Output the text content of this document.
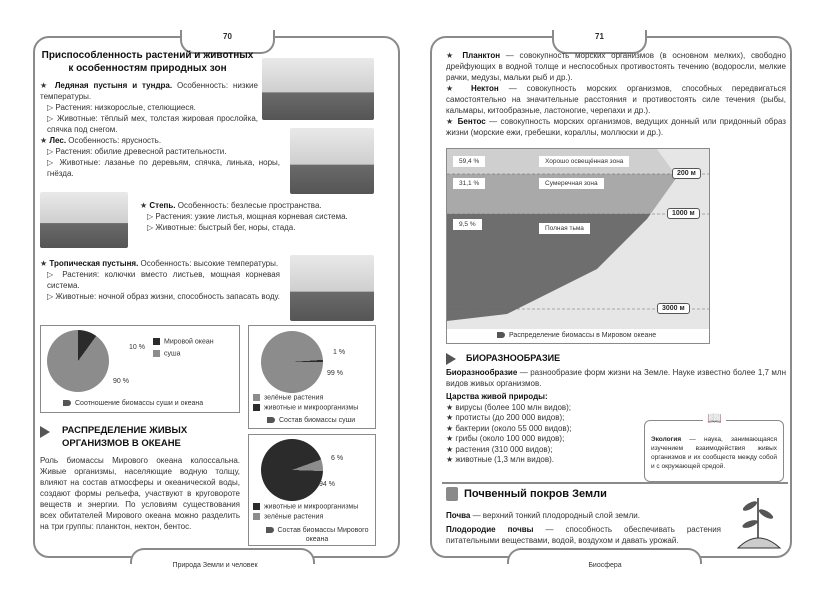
70
Природа Земли и человек
Приспособленность растений и животных к особенностям природных зон
★ Ледяная пустыня и тундра. Особенность: низкие температуры.
▷ Растения: низкорослые, стелющиеся.
▷ Животные: тёплый мех, толстая жировая прослойка, спячка под снегом.
★ Лес. Особенность: ярусность.
▷ Растения: обилие древесной растительности.
▷ Животные: лазанье по деревьям, спячка, линька, норы, гнёзда.
★ Степь. Особенность: безлесые пространства.
▷ Растения: узкие листья, мощная корневая система.
▷ Животные: быстрый бег, норы, стада.
★ Тропическая пустыня. Особенность: высокие температуры.
▷ Растения: колючки вместо листьев, мощная корневая система.
▷ Животные: ночной образ жизни, способность запасать воду.
10 %
90 %
Мировой океан
суша
Соотношение биомассы суши и океана
1 %
99 %
зелёные растения
животные и микроорганизмы
Состав биомассы суши
6 %
94 %
животные и микроорганизмы
зелёные растения
Состав биомассы Мирового океана
РАСПРЕДЕЛЕНИЕ ЖИВЫХ ОРГАНИЗМОВ В ОКЕАНЕ
Роль биомассы Мирового океана колоссальна. Живые организмы, населяющие водную толщу, влияют на состав атмосферы и океанической воды, создают формы рельефа, участвуют в круговороте веществ и энергии. По условиям существования всех обитателей Мирового океана можно разделить на три группы: планктон, нектон, бентос.
71
Биосфера
★ Планктон — совокупность морских организмов (в основном мелких), свободно дрейфующих в водной толще и неспособных противостоять течению (водоросли, мелкие рачки, медузы, мальки рыб и др.).
★ Нектон — совокупность морских организмов, способных передвигаться самостоятельно на значительные расстояния и противостоять силе течения (рыбы, кальмары, китообразные, ластоногие, черепахи и др.).
★ Бентос — совокупность морских организмов, ведущих донный или придонный образ жизни (морские ежи, гребешки, кораллы, моллюски и др.).
59,4 %	Хорошо освещённая зона
31,1 %	Сумеречная зона
9,5 %
Полная тьма
200 м
1000 м
3000 м
Распределение биомассы в Мировом океане
БИОРАЗНООБРАЗИЕ
Биоразнообразие — разнообразие форм жизни на Земле. Науке известно более 1,7 млн видов живых организмов.
Царства живой природы:
★ вирусы (более 100 млн видов);
★ протисты (до 200 000 видов);
★ бактерии (около 55 000 видов);
★ грибы (около 100 000 видов);
★ растения (310 000 видов);
★ животные (1,3 млн видов).
📖
Экология — наука, занимающаяся изучением взаимодействия живых организмов и их сообществ между собой и с окружающей средой.
Почвенный покров Земли
Почва — верхний тонкий плодородный слой земли.
Плодородие почвы — способность обеспечивать растения питательными веществами, водой, воздухом и давать урожай.
